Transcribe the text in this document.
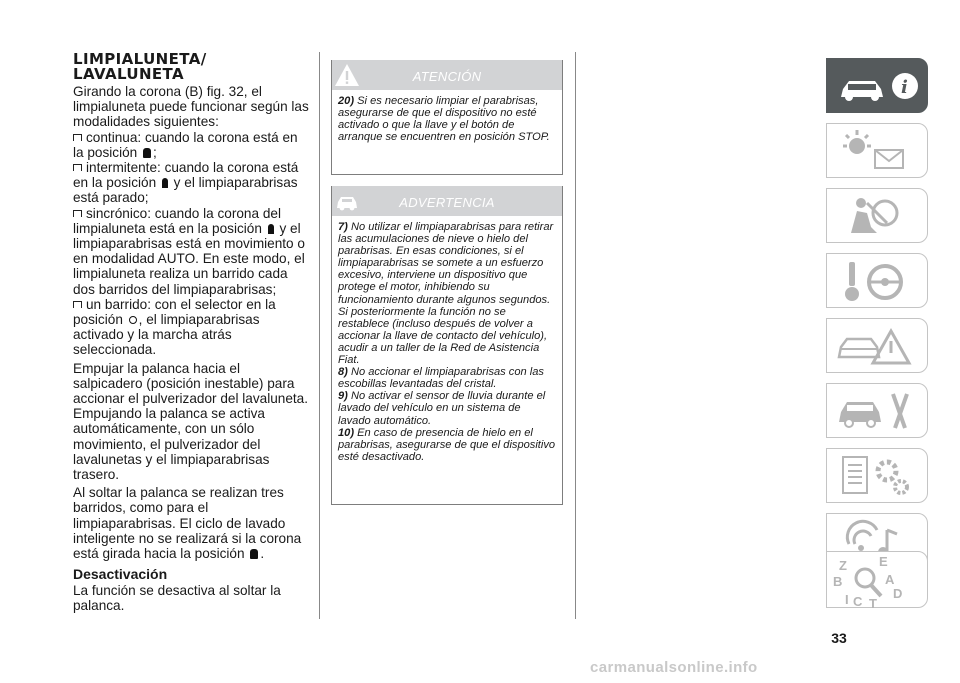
LIMPIALUNETA/
LAVALUNETA

Girando la corona (B) fig. 32, el limpialuneta puede funcionar según las modalidades siguientes:

continua: cuando la corona está en la posición ;

intermitente: cuando la corona está en la posición  y el limpiaparabrisas está parado;

sincrónico: cuando la corona del limpialuneta está en la posición  y el limpiaparabrisas está en movimiento o en modalidad AUTO. En este modo, el limpialuneta realiza un barrido cada dos barridos del limpiaparabrisas;

un barrido: con el selector en la posición , el limpiaparabrisas activado y la marcha atrás seleccionada.

Empujar la palanca hacia el salpicadero (posición inestable) para accionar el pulverizador del lavaluneta. Empujando la palanca se activa automáticamente, con un sólo movimiento, el pulverizador del lavalunetas y el limpiaparabrisas trasero.

Al soltar la palanca se realizan tres barridos, como para el limpiaparabrisas. El ciclo de lavado inteligente no se realizará si la corona está girada hacia la posición .

Desactivación

La función se desactiva al soltar la palanca.

ATENCIÓN

20) Si es necesario limpiar el parabrisas, asegurarse de que el dispositivo no esté activado o que la llave y el botón de arranque se encuentren en posición STOP.

ADVERTENCIA

7) No utilizar el limpiaparabrisas para retirar las acumulaciones de nieve o hielo del parabrisas. En esas condiciones, si el limpiaparabrisas se somete a un esfuerzo excesivo, interviene un dispositivo que protege el motor, inhibiendo su funcionamiento durante algunos segundos. Si posteriormente la función no se restablece (incluso después de volver a accionar la llave de contacto del vehículo), acudir a un taller de la Red de Asistencia Fiat.

8) No accionar el limpiaparabrisas con las escobillas levantadas del cristal.

9) No activar el sensor de lluvia durante el lavado del vehículo en un sistema de lavado automático.

10) En caso de presencia de hielo en el parabrisas, asegurarse de que el dispositivo esté desactivado.

i
Z E
B	A
D
I C T
33
carmanualsonline.info
